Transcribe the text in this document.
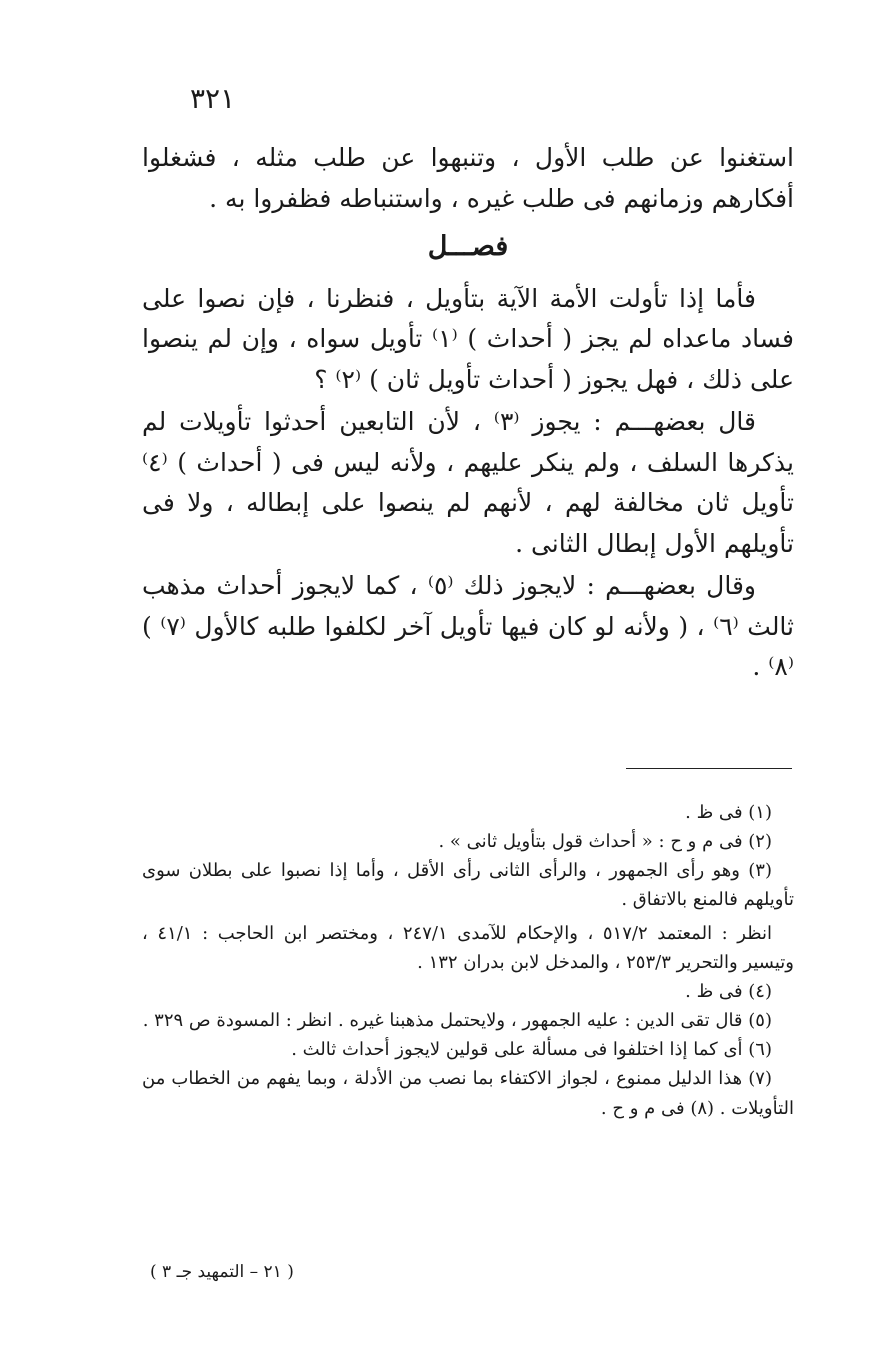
٣٢١

استغنوا عن طلب الأول ، وتنبهوا عن طلب مثله ، فشغلوا أفكارهم وزمانهم فى طلب غيره ، واستنباطه فظفروا به .

فصـــل

فأما إذا تأولت الأمة الآية بتأويل ، فنظرنا ، فإن نصوا على فساد ماعداه لم يجز ( أحداث ) ⁽١⁾ تأويل سواه ، وإن لم ينصوا على ذلك ، فهل يجوز ( أحداث تأويل ثان ) ⁽٢⁾ ؟

قال بعضهـــم : يجوز ⁽٣⁾ ، لأن التابعين أحدثوا تأويلات لم يذكرها السلف ، ولم ينكر عليهم ، ولأنه ليس فى ( أحداث ) ⁽٤⁾ تأويل ثان مخالفة لهم ، لأنهم لم ينصوا على إبطاله ، ولا فى تأويلهم الأول إبطال الثانى .

وقال بعضهـــم : لايجوز ذلك ⁽٥⁾ ، كما لايجوز أحداث مذهب ثالث ⁽٦⁾ ، ( ولأنه لو كان فيها تأويل آخر لكلفوا طلبه كالأول ⁽٧⁾ ) ⁽٨⁾ .

(١) فى ظ .

(٢) فى م و ح : « أحداث قول بتأويل ثانى » .

(٣) وهو رأى الجمهور ، والرأى الثانى رأى الأقل ، وأما إذا نصبوا على بطلان سوى تأويلهم فالمنع بالاتفاق .

انظر : المعتمد ٥١٧/٢ ، والإحكام للآمدى ٢٤٧/١ ، ومختصر ابن الحاجب : ٤١/١ ، وتيسير والتحرير ٢٥٣/٣ ، والمدخل لابن بدران ١٣٢ .

(٤) فى ظ .

(٥) قال تقى الدين : عليه الجمهور ، ولايحتمل مذهبنا غيره . انظر : المسودة ص ٣٢٩ .

(٦) أى كما إذا اختلفوا فى مسألة على قولين لايجوز أحداث ثالث .

(٧) هذا الدليل ممنوع ، لجواز الاكتفاء بما نصب من الأدلة ، وبما يفهم من الخطاب من التأويلات . (٨) فى م و ح .

( ٢١ – التمهيد جـ ٣ )
